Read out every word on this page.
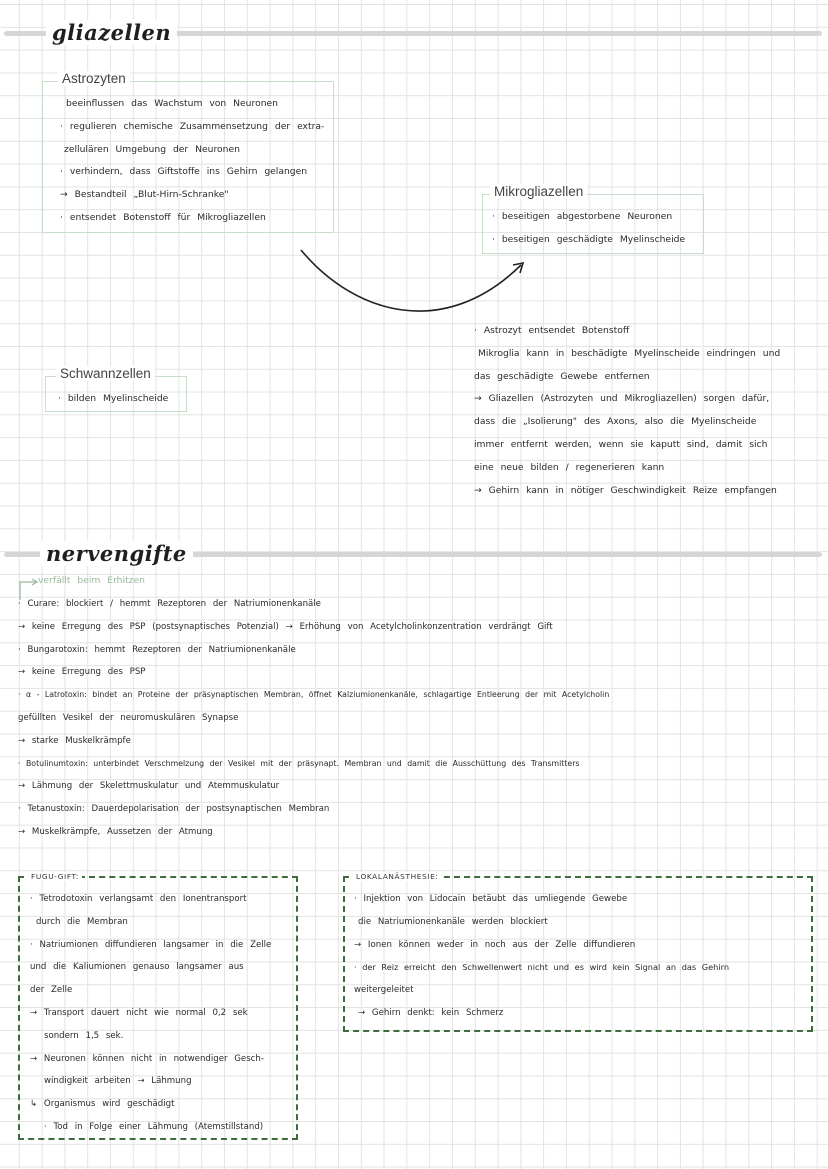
gliazellen
Astrozyten
beeinflussen das Wachstum von Neuronen
· regulieren chemische Zusammensetzung der extra-
zellulären Umgebung der Neuronen
· verhindern, dass Giftstoffe ins Gehirn gelangen
→ Bestandteil „Blut-Hirn-Schranke"
· entsendet Botenstoff für Mikrogliazellen
Mikrogliazellen
· beseitigen abgestorbene Neuronen
· beseitigen geschädigte Myelinscheide
Schwannzellen
· bilden Myelinscheide
· Astrozyt entsendet Botenstoff
Mikroglia kann in beschädigte Myelinscheide eindringen und
das geschädigte Gewebe entfernen
→ Gliazellen (Astrozyten und Mikrogliazellen) sorgen dafür,
dass die „Isolierung" des Axons, also die Myelinscheide
immer entfernt werden, wenn sie kaputt sind, damit sich
eine neue bilden / regenerieren kann
→ Gehirn kann in nötiger Geschwindigkeit Reize empfangen
nervengifte
verfällt beim Erhitzen
· Curare: blockiert / hemmt Rezeptoren der Natriumionenkanäle
→ keine Erregung des PSP (postsynaptisches Potenzial) → Erhöhung von Acetylcholinkonzentration verdrängt Gift
· Bungarotoxin: hemmt Rezeptoren der Natriumionenkanäle
→ keine Erregung des PSP
· α - Latrotoxin: bindet an Proteine der präsynaptischen Membran, öffnet Kalziumionenkanäle, schlagartige Entleerung der mit Acetylcholin
gefüllten Vesikel der neuromuskulären Synapse
→ starke Muskelkrämpfe
· Botulinumtoxin: unterbindet Verschmelzung der Vesikel mit der präsynapt. Membran und damit die Ausschüttung des Transmitters
→ Lähmung der Skelettmuskulatur und Atemmuskulatur
· Tetanustoxin: Dauerdepolarisation der postsynaptischen Membran
→ Muskelkrämpfe, Aussetzen der Atmung
FUGU-GIFT:
· Tetrodotoxin verlangsamt den Ionentransport
durch die Membran
· Natriumionen diffundieren langsamer in die Zelle
und die Kaliumionen genauso langsamer aus
der Zelle
→ Transport dauert nicht wie normal 0,2 sek
sondern 1,5 sek.
→ Neuronen können nicht in notwendiger Gesch-
windigkeit arbeiten → Lähmung
↳ Organismus wird geschädigt
· Tod in Folge einer Lähmung (Atemstillstand)
LOKALANÄSTHESIE:
· Injektion von Lidocain betäubt das umliegende Gewebe
die Natriumionenkanäle werden blockiert
→ Ionen können weder in noch aus der Zelle diffundieren
· der Reiz erreicht den Schwellenwert nicht und es wird kein Signal an das Gehirn
weitergeleitet
→ Gehirn denkt: kein Schmerz
